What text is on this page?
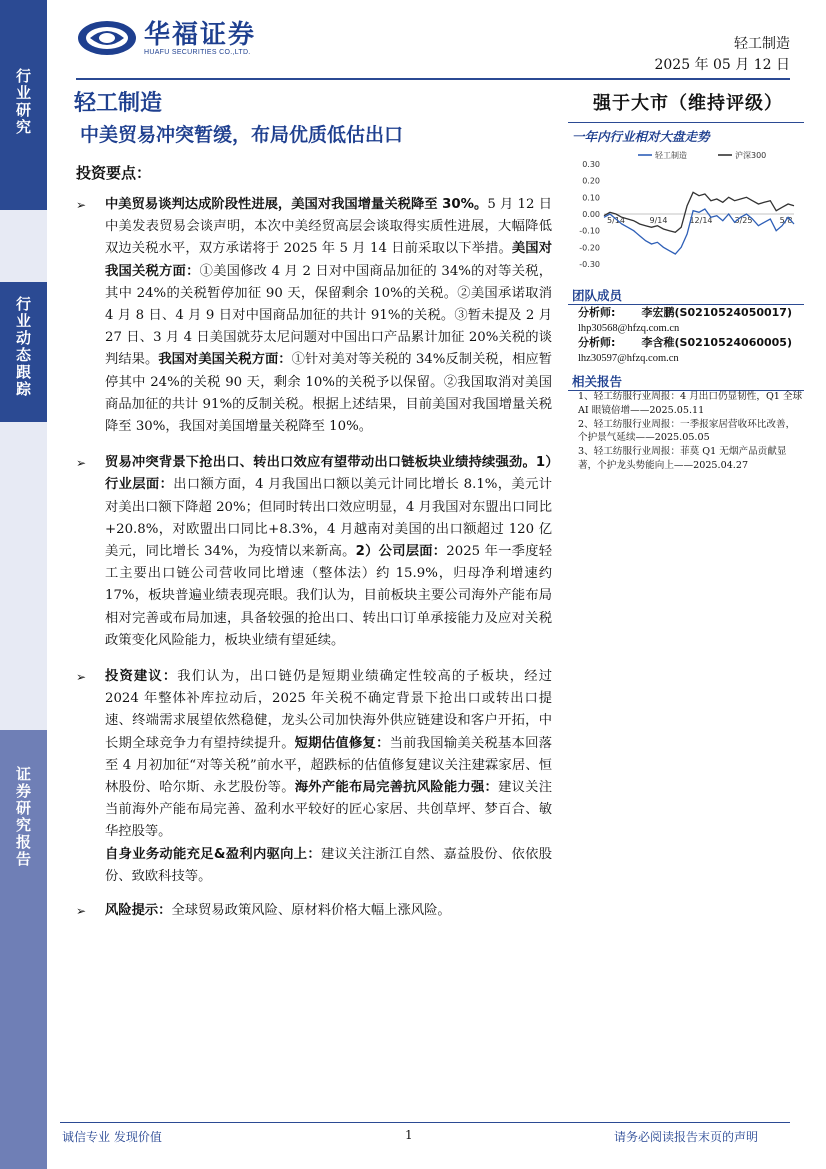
行业研究
行业动态跟踪
证券研究报告
华福证券
HUAFU SECURITIES CO.,LTD.	轻工制造
2025 年 05 月 12 日
轻工制造
中美贸易冲突暂缓，布局优质低估出口
投资要点：
➢ 中美贸易谈判达成阶段性进展，美国对我国增量关税降至 30%。5 月 12 日中美发表贸易会谈声明，本次中美经贸高层会谈取得实质性进展，大幅降低双边关税水平，双方承诺将于 2025 年 5 月 14 日前采取以下举措。美国对我国关税方面：①美国修改 4 月 2 日对中国商品加征的 34%的对等关税，其中 24%的关税暂停加征 90 天，保留剩余 10%的关税。②美国承诺取消 4 月 8 日、4 月 9 日对中国商品加征的共计 91%的关税。③暂未提及 2 月 27 日、3 月 4 日美国就芬太尼问题对中国出口产品累计加征 20%关税的谈判结果。我国对美国关税方面：①针对美对等关税的 34%反制关税，相应暂停其中 24%的关税 90 天，剩余 10%的关税予以保留。②我国取消对美国商品加征的共计 91%的反制关税。根据上述结果，目前美国对我国增量关税降至 30%，我国对美国增量关税降至 10%。
➢ 贸易冲突背景下抢出口、转出口效应有望带动出口链板块业绩持续强劲。1）行业层面：出口额方面，4 月我国出口额以美元计同比增长 8.1%，美元计对美出口额下降超 20%；但同时转出口效应明显，4 月我国对东盟出口同比+20.8%，对欧盟出口同比+8.3%，4 月越南对美国的出口额超过 120 亿美元，同比增长 34%，为疫情以来新高。2）公司层面：2025 年一季度轻工主要出口链公司营收同比增速（整体法）约 15.9%，归母净利增速约 17%，板块普遍业绩表现亮眼。我们认为，目前板块主要公司海外产能布局相对完善或布局加速，具备较强的抢出口、转出口订单承接能力及应对关税政策变化风险能力，板块业绩有望延续。
➢ 投资建议：我们认为，出口链仍是短期业绩确定性较高的子板块，经过 2024 年整体补库拉动后，2025 年关税不确定背景下抢出口或转出口提速、终端需求展望依然稳健，龙头公司加快海外供应链建设和客户开拓，中长期全球竞争力有望持续提升。短期估值修复：当前我国输美关税基本回落至 4 月初加征“对等关税”前水平，超跌标的估值修复建议关注建霖家居、恒林股份、哈尔斯、永艺股份等。海外产能布局完善抗风险能力强：建议关注当前海外产能布局完善、盈利水平较好的匠心家居、共创草坪、梦百合、敏华控股等。
自身业务动能充足&盈利内驱向上：建议关注浙江自然、嘉益股份、依依股份、致欧科技等。
➢ 风险提示：全球贸易政策风险、原材料价格大幅上涨风险。
强于大市（维持评级）
一年内行业相对大盘走势
0.30
0.20
0.10
0.00
-0.10
-0.20
-0.30
5/14	9/14	12/14	3/25	5/8
轻工制造	沪深300
团队成员
分析师: 李宏鹏(S0210524050017)
lhp30568@hfzq.com.cn
分析师: 李含稚(S0210524060005)
lhz30597@hfzq.com.cn
相关报告
1、轻工纺服行业周报：4 月出口仍显韧性，Q1 全球 AI 眼镜倍增——2025.05.11
2、轻工纺服行业周报：一季报家居营收环比改善，个护景气延续——2025.05.05
3、轻工纺服行业周报：菲莫 Q1 无烟产品贡献显著，个护龙头势能向上——2025.04.27
诚信专业 发现价值	1	请务必阅读报告末页的声明
